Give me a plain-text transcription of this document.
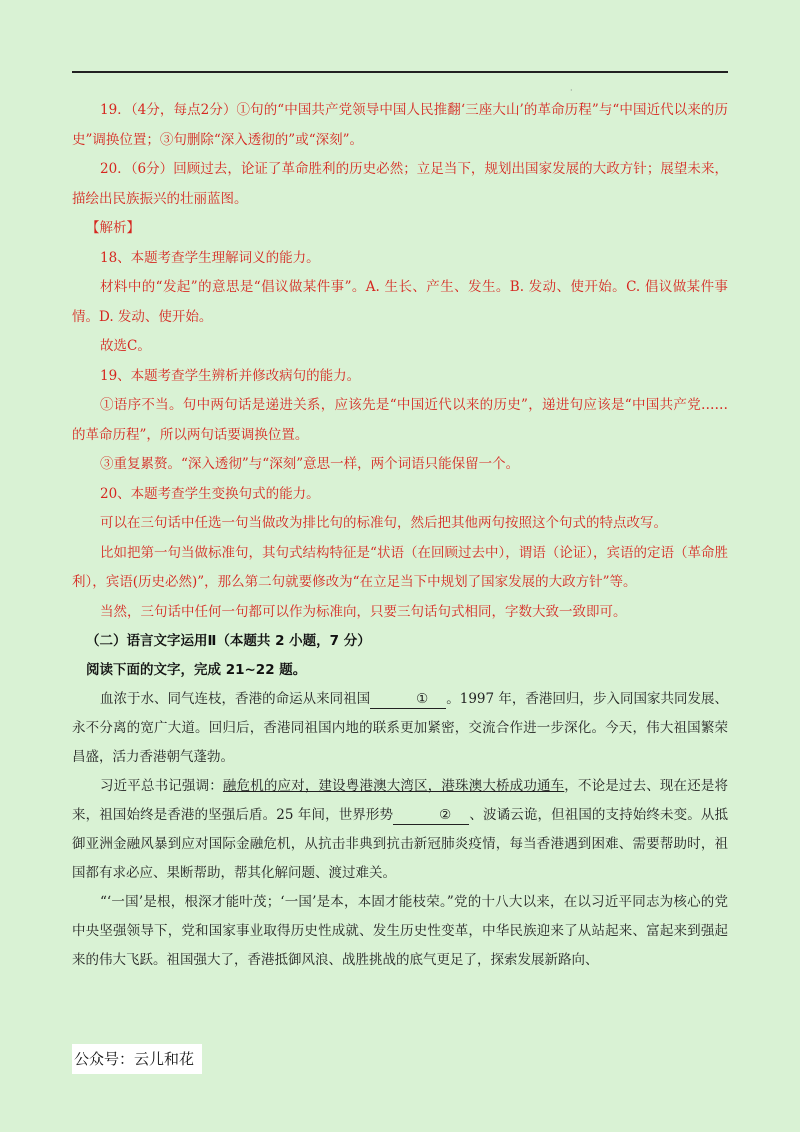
·

19．（4分，每点2分）①句的“中国共产党领导中国人民推翻‘三座大山’的革命历程”与“中国近代以来的历史”调换位置；③句删除“深入透彻的”或“深刻”。

20．（6分）回顾过去，论证了革命胜利的历史必然；立足当下，规划出国家发展的大政方针；展望未来，描绘出民族振兴的壮丽蓝图。

【解析】

18、本题考查学生理解词义的能力。

材料中的“发起”的意思是“倡议做某件事”。A. 生长、产生、发生。B. 发动、使开始。C. 倡议做某件事情。D. 发动、使开始。

故选C。

19、本题考查学生辨析并修改病句的能力。

①语序不当。句中两句话是递进关系，应该先是“中国近代以来的历史”，递进句应该是“中国共产党……的革命历程”，所以两句话要调换位置。

③重复累赘。“深入透彻”与“深刻”意思一样，两个词语只能保留一个。

20、本题考查学生变换句式的能力。

可以在三句话中任选一句当做改为排比句的标准句，然后把其他两句按照这个句式的特点改写。

比如把第一句当做标准句，其句式结构特征是“状语（在回顾过去中），谓语（论证），宾语的定语（革命胜利），宾语(历史必然)”，那么第二句就要修改为“在立足当下中规划了国家发展的大政方针”等。

当然，三句话中任何一句都可以作为标准向，只要三句话句式相同，字数大致一致即可。

（二）语言文字运用Ⅱ（本题共 2 小题，7 分）

阅读下面的文字，完成 21~22 题。

血浓于水、同气连枝，香港的命运从来同祖国	① 。1997 年，香港回归，步入同国家共同发展、永不分离的宽广大道。回归后，香港同祖国内地的联系更加紧密，交流合作进一步深化。今天，伟大祖国繁荣昌盛，活力香港朝气蓬勃。

习近平总书记强调：融危机的应对，建设粤港澳大湾区，港珠澳大桥成功通车，不论是过去、现在还是将来，祖国始终是香港的坚强后盾。25 年间，世界形势	② 、波谲云诡，但祖国的支持始终未变。从抵御亚洲金融风暴到应对国际金融危机，从抗击非典到抗击新冠肺炎疫情，每当香港遇到困难、需要帮助时，祖国都有求必应、果断帮助，帮其化解问题、渡过难关。

“‘一国’是根，根深才能叶茂；‘一国’是本，本固才能枝荣。”党的十八大以来，在以习近平同志为核心的党中央坚强领导下，党和国家事业取得历史性成就、发生历史性变革，中华民族迎来了从站起来、富起来到强起来的伟大飞跃。祖国强大了，香港抵御风浪、战胜挑战的底气更足了，探索发展新路向、

公众号：云儿和花
